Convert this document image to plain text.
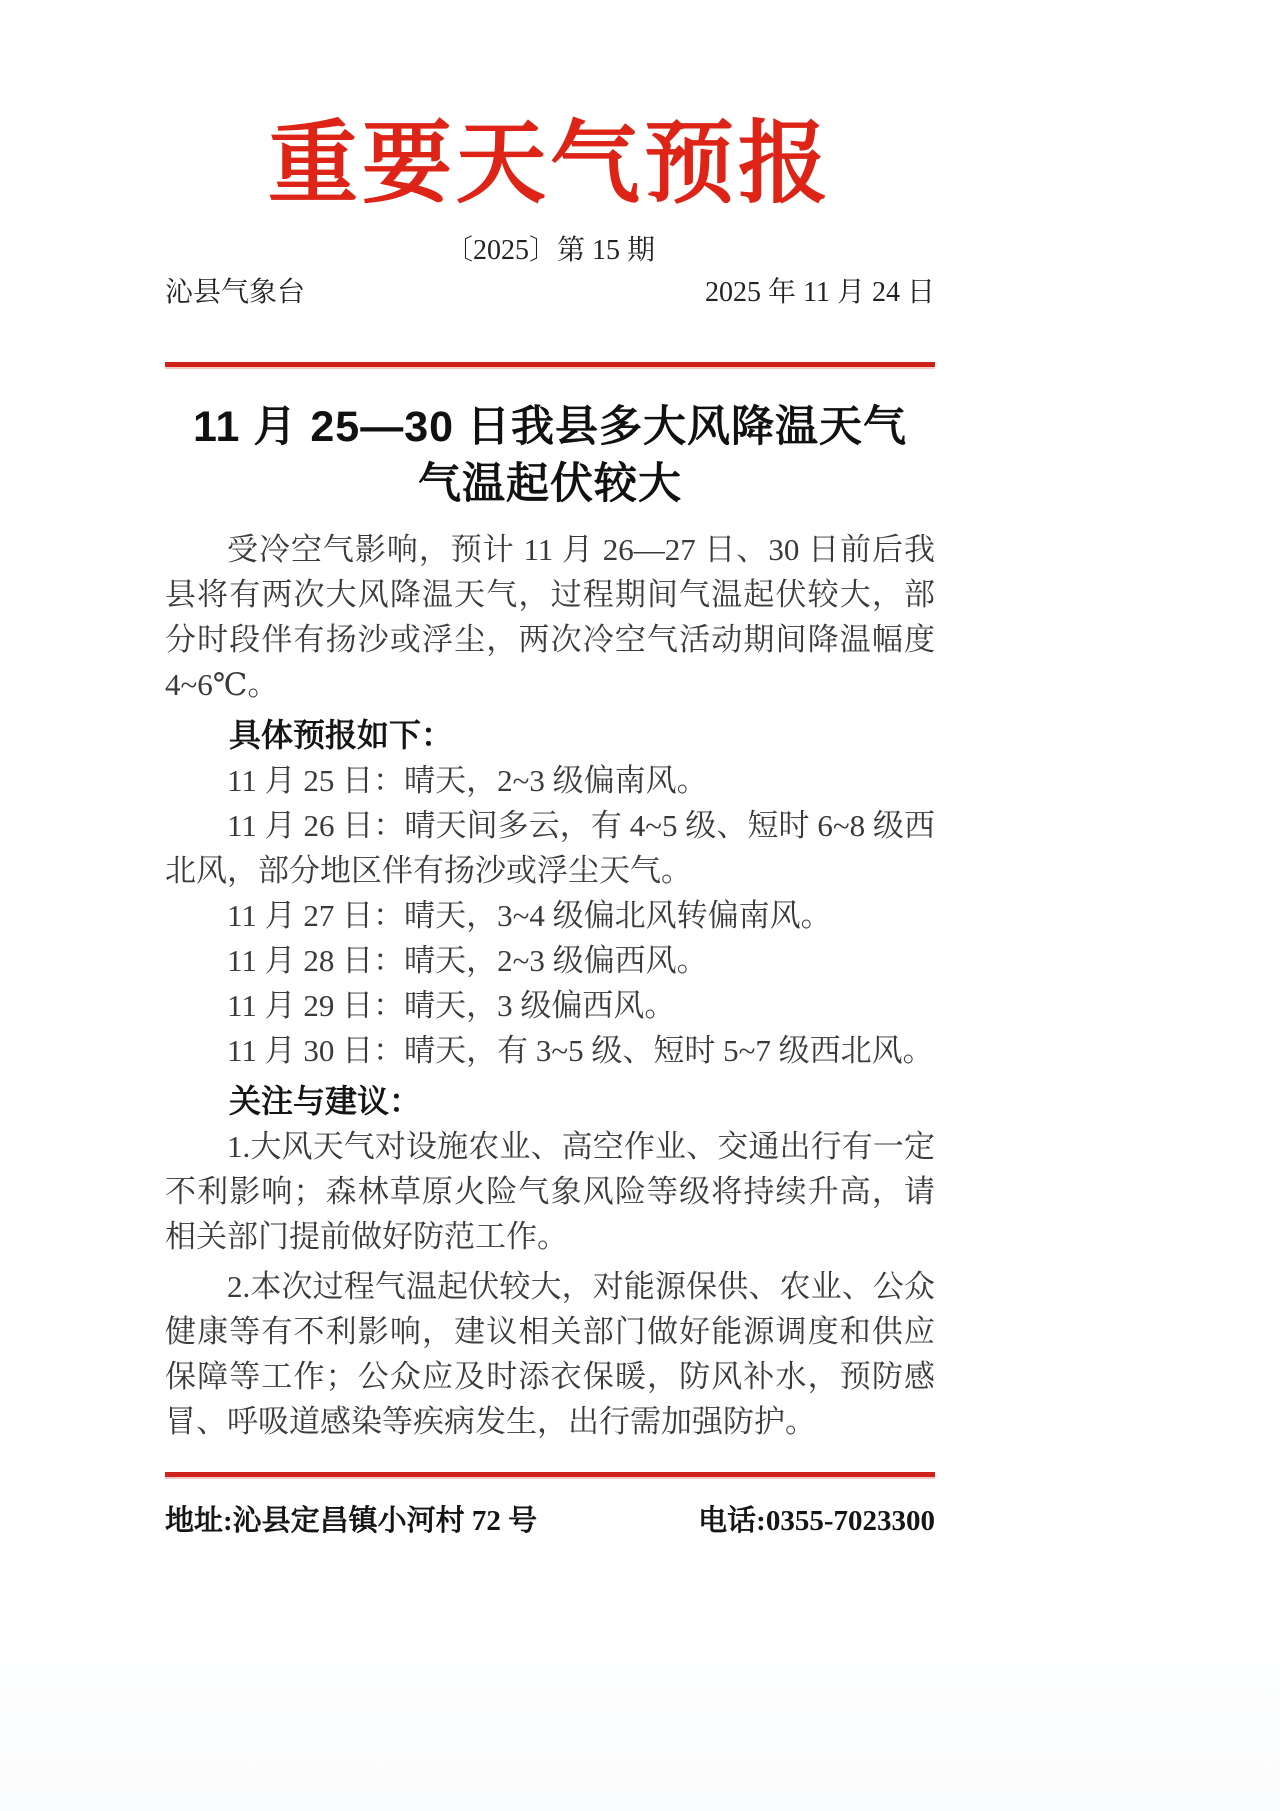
重要天气预报
〔2025〕第 15 期
沁县气象台	2025 年 11 月 24 日
11 月 25—30 日我县多大风降温天气
气温起伏较大

受冷空气影响，预计 11 月 26—27 日、30 日前后我县将有两次大风降温天气，过程期间气温起伏较大，部分时段伴有扬沙或浮尘，两次冷空气活动期间降温幅度 4~6℃。

具体预报如下：

11 月 25 日：晴天，2~3 级偏南风。

11 月 26 日：晴天间多云，有 4~5 级、短时 6~8 级西北风，部分地区伴有扬沙或浮尘天气。

11 月 27 日：晴天，3~4 级偏北风转偏南风。

11 月 28 日：晴天，2~3 级偏西风。

11 月 29 日：晴天，3 级偏西风。

11 月 30 日：晴天，有 3~5 级、短时 5~7 级西北风。

关注与建议：

1.大风天气对设施农业、高空作业、交通出行有一定不利影响；森林草原火险气象风险等级将持续升高，请相关部门提前做好防范工作。

2.本次过程气温起伏较大，对能源保供、农业、公众健康等有不利影响，建议相关部门做好能源调度和供应保障等工作；公众应及时添衣保暖，防风补水，预防感冒、呼吸道感染等疾病发生，出行需加强防护。

地址:沁县定昌镇小河村 72 号	电话:0355-7023300
